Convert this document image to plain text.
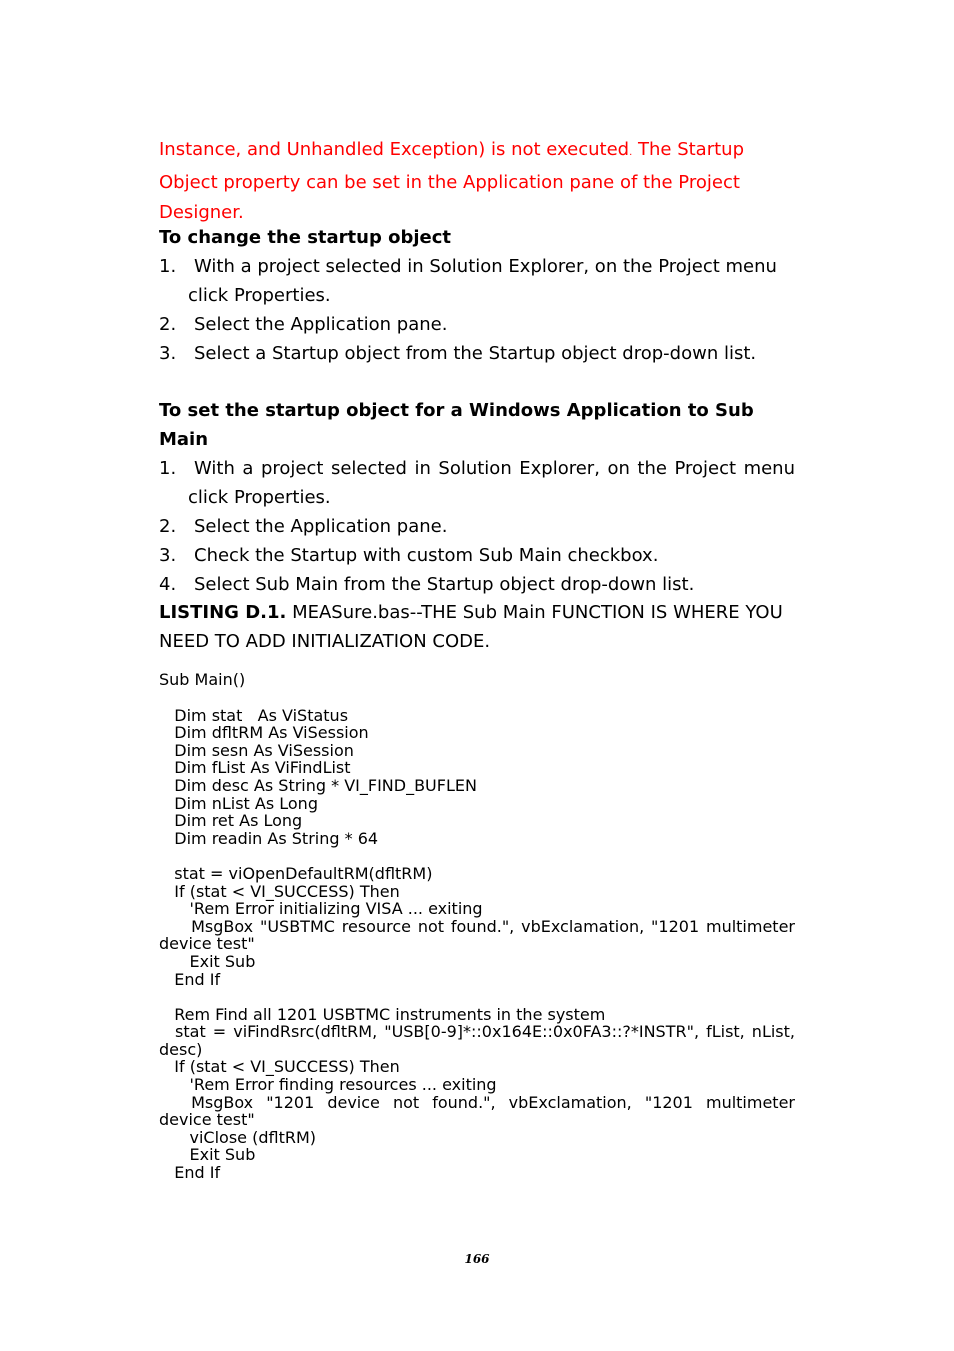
Instance, and Unhandled Exception) is not executed. The Startup Object property can be set in the Application pane of the Project Designer.
To change the startup object
1. With a project selected in Solution Explorer, on the Project menu
click Properties.
2. Select the Application pane.
3. Select a Startup object from the Startup object drop-down list.
To set the startup object for a Windows Application to Sub Main
1. With a project selected in Solution Explorer, on the Project menu
click Properties.
2. Select the Application pane.
3. Check the Startup with custom Sub Main checkbox.
4. Select Sub Main from the Startup object drop-down list.
LISTING D.1. MEASure.bas--THE Sub Main FUNCTION IS WHERE YOU NEED TO ADD INITIALIZATION CODE.
Sub Main()
Dim stat   As ViStatus
Dim dfltRM As ViSession
Dim sesn As ViSession
Dim fList As ViFindList
Dim desc As String * VI_FIND_BUFLEN
Dim nList As Long
Dim ret As Long
Dim readin As String * 64
stat = viOpenDefaultRM(dfltRM)
If (stat < VI_SUCCESS) Then
'Rem Error initializing VISA ... exiting
MsgBox "USBTMC resource not found.", vbExclamation, "1201 multimeter device test"
Exit Sub
End If
Rem Find all 1201 USBTMC instruments in the system
stat = viFindRsrc(dfltRM, "USB[0-9]*::0x164E::0x0FA3::?*INSTR", fList, nList, desc)
If (stat < VI_SUCCESS) Then
'Rem Error finding resources ... exiting
MsgBox "1201 device not found.", vbExclamation, "1201 multimeter device test"
viClose (dfltRM)
Exit Sub
End If
166
